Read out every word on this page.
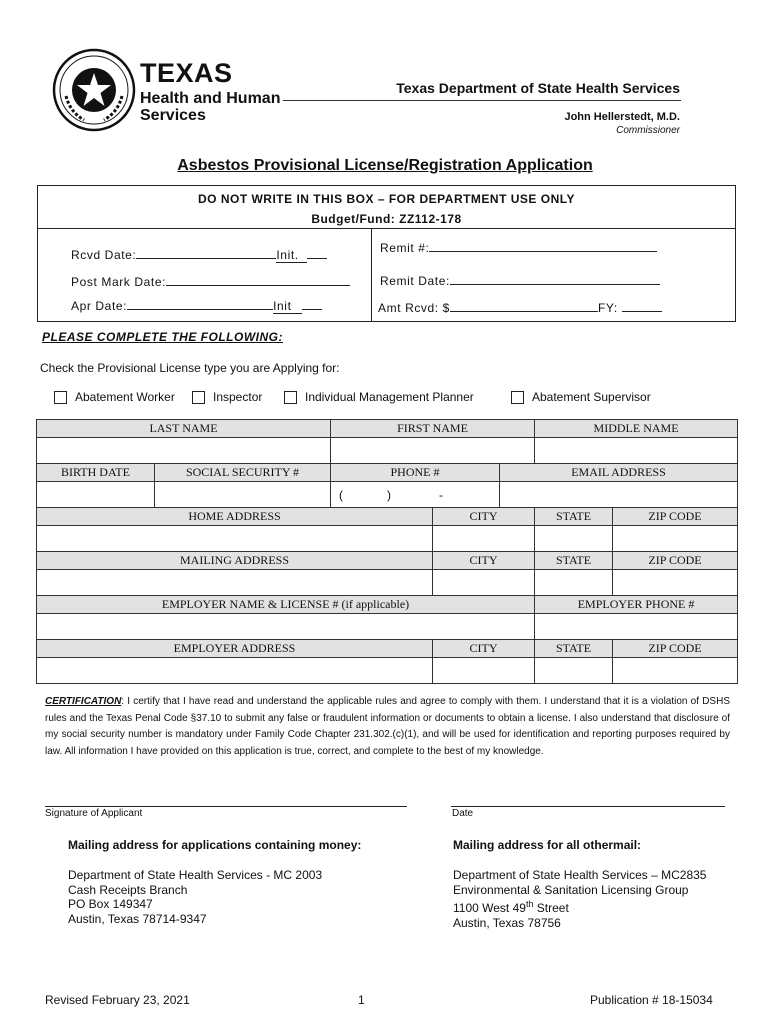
TEXAS
Health and Human
Services
Texas Department of State Health Services
John Hellerstedt, M.D.
Commissioner
Asbestos Provisional License/Registration Application
DO NOT WRITE IN THIS BOX – FOR DEPARTMENT USE ONLY
Budget/Fund: ZZ112-178
Rcvd Date:	Init.
Post Mark Date:
Apr Date:	Init
Remit #:
Remit Date:
Amt Rcvd: $	FY:
PLEASE COMPLETE THE FOLLOWING:
Check the Provisional License type you are Applying for:
Abatement Worker	Inspector	Individual Management Planner	Abatement Supervisor
LAST NAME		FIRST NAME			MIDDLE NAME	

BIRTH DATE	SOCIAL SECURITY #	PHONE #		EMAIL ADDRESS		
		( ) -				
HOME ADDRESS			CITY		STATE	ZIP CODE

MAILING ADDRESS			CITY		STATE	ZIP CODE

EMPLOYER NAME & LICENSE # (if applicable)					EMPLOYER PHONE #	

EMPLOYER ADDRESS			CITY		STATE	ZIP CODE

CERTIFICATION: I certify that I have read and understand the applicable rules and agree to comply with them. I understand that it is a violation of DSHS rules and the Texas Penal Code §37.10 to submit any false or fraudulent information or documents to obtain a license. I also understand that disclosure of my social security number is mandatory under Family Code Chapter 231.302.(c)(1), and will be used for identification and reporting purposes required by law. All information I have provided on this application is true, correct, and complete to the best of my knowledge.
Signature of Applicant	Date
Mailing address for applications containing money:
Department of State Health Services - MC 2003
Cash Receipts Branch
PO Box 149347
Austin, Texas 78714-9347
Mailing address for all othermail:
Department of State Health Services – MC2835
Environmental & Sanitation Licensing Group
1100 West 49th Street
Austin, Texas 78756
Revised February 23, 2021	1	Publication # 18-15034
